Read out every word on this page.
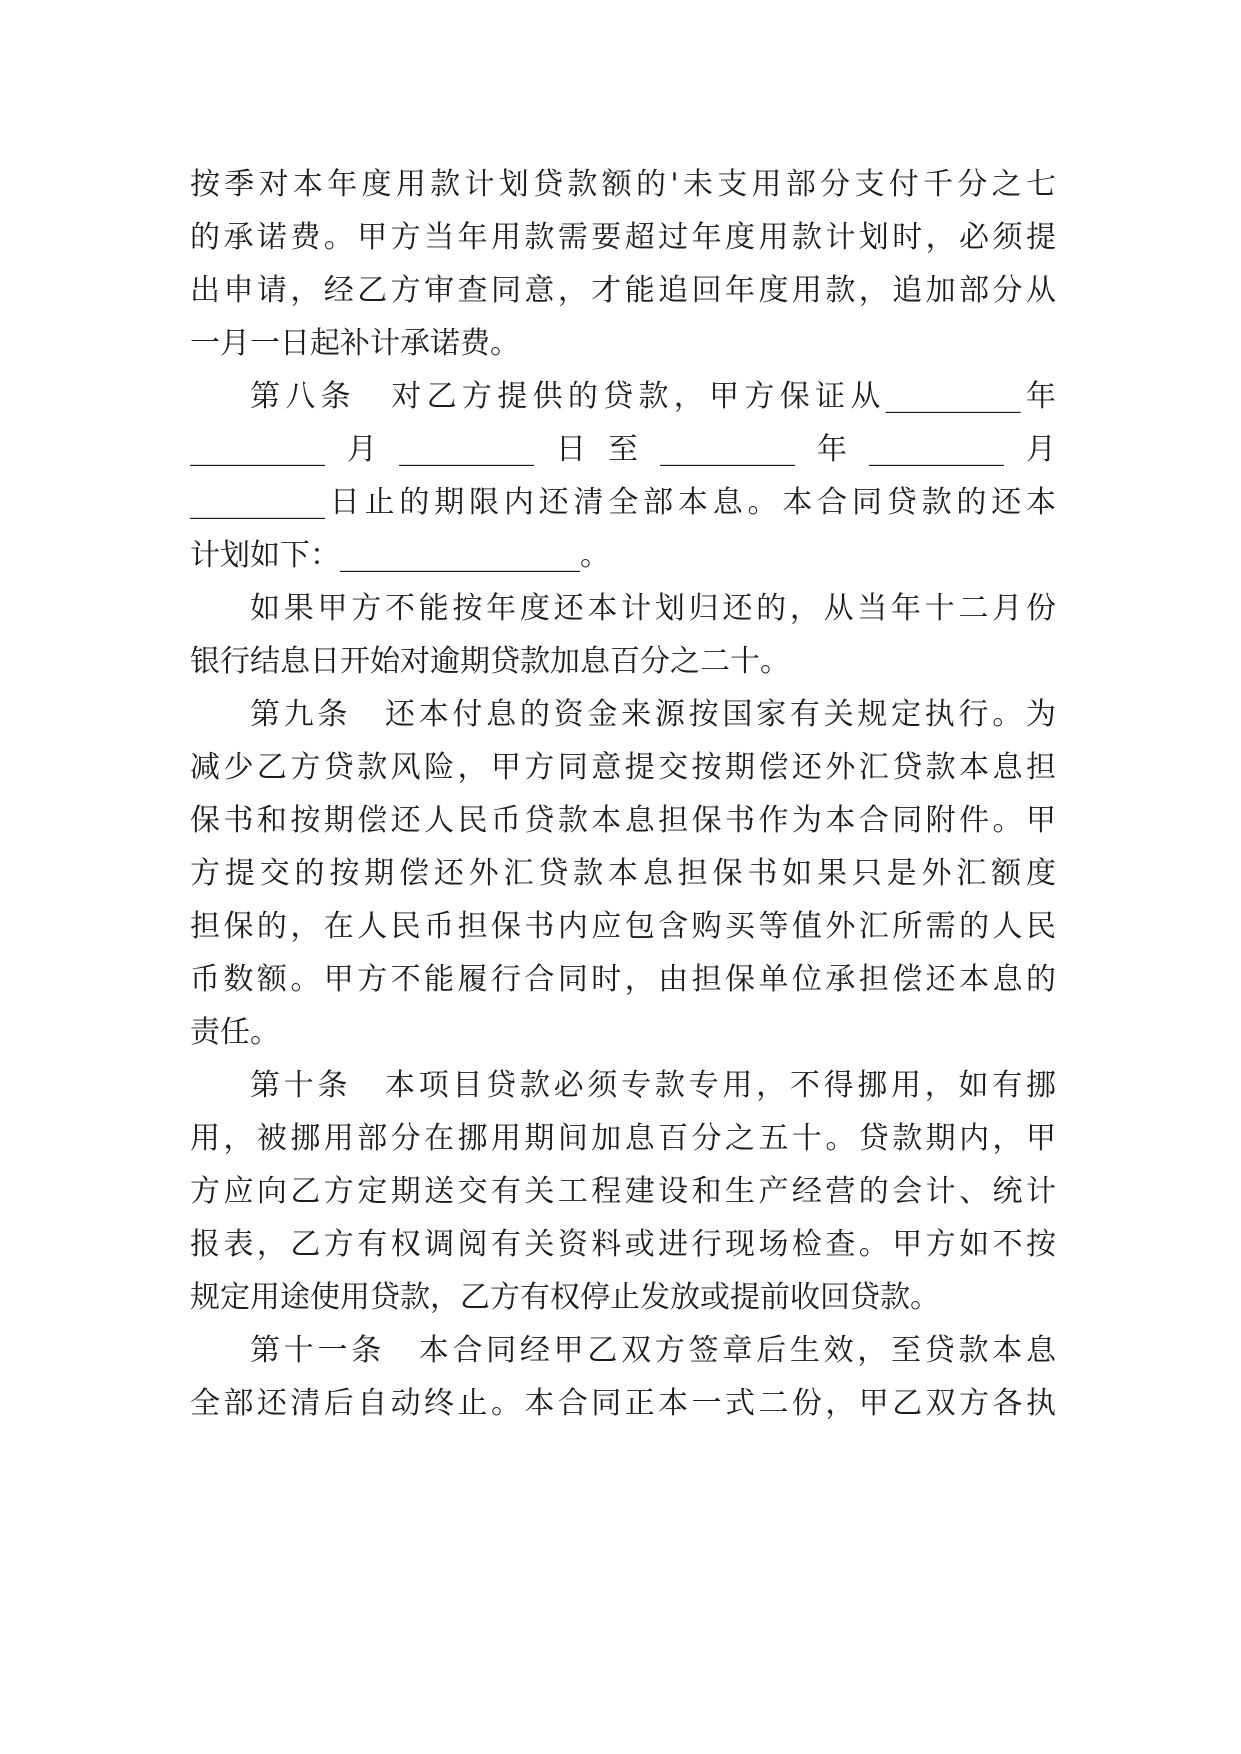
按季对本年度用款计划贷款额的'未支用部分支付千分之七
的承诺费。甲方当年用款需要超过年度用款计划时，必须提
出申请，经乙方审查同意，才能追回年度用款，追加部分从
一月一日起补计承诺费。
第八条　对乙方提供的贷款，甲方保证从_________年
_________月_________日至_________年_________月
_________日止的期限内还清全部本息。本合同贷款的还本
计划如下：________________。
如果甲方不能按年度还本计划归还的，从当年十二月份
银行结息日开始对逾期贷款加息百分之二十。
第九条　还本付息的资金来源按国家有关规定执行。为
减少乙方贷款风险，甲方同意提交按期偿还外汇贷款本息担
保书和按期偿还人民币贷款本息担保书作为本合同附件。甲
方提交的按期偿还外汇贷款本息担保书如果只是外汇额度
担保的，在人民币担保书内应包含购买等值外汇所需的人民
币数额。甲方不能履行合同时，由担保单位承担偿还本息的
责任。
第十条　本项目贷款必须专款专用，不得挪用，如有挪
用，被挪用部分在挪用期间加息百分之五十。贷款期内，甲
方应向乙方定期送交有关工程建设和生产经营的会计、统计
报表，乙方有权调阅有关资料或进行现场检查。甲方如不按
规定用途使用贷款，乙方有权停止发放或提前收回贷款。
第十一条　本合同经甲乙双方签章后生效，至贷款本息
全部还清后自动终止。本合同正本一式二份，甲乙双方各执
